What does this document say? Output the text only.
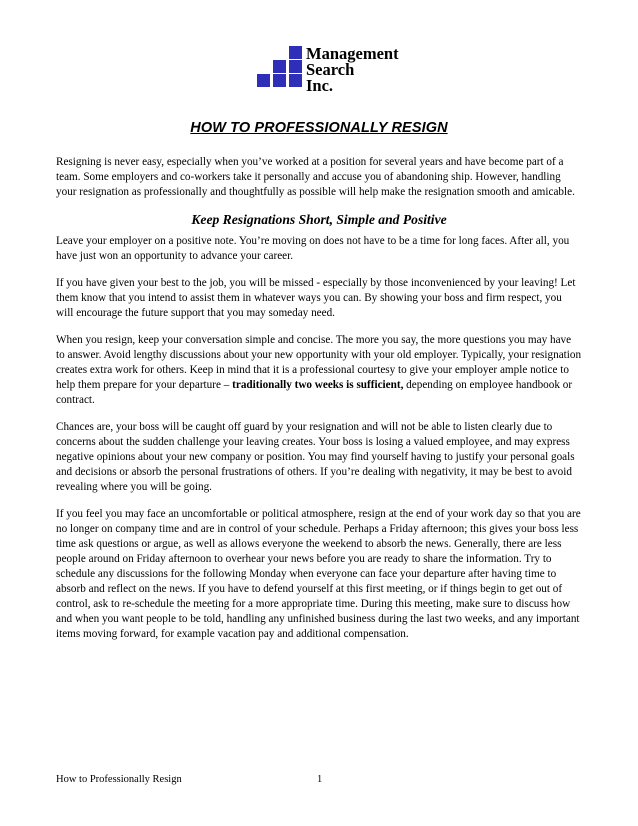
Management
Search
Inc.
HOW TO PROFESSIONALLY RESIGN

Resigning is never easy, especially when you’ve worked at a position for several years and have become part of a team. Some employers and co-workers take it personally and accuse you of abandoning ship. However, handling your resignation as professionally and thoughtfully as possible will help make the resignation smooth and amicable.

Keep Resignations Short, Simple and Positive

Leave your employer on a positive note. You’re moving on does not have to be a time for long faces. After all, you have just won an opportunity to advance your career.

If you have given your best to the job, you will be missed - especially by those inconvenienced by your leaving! Let them know that you intend to assist them in whatever ways you can. By showing your boss and firm respect, you will encourage the future support that you may someday need.

When you resign, keep your conversation simple and concise. The more you say, the more questions you may have to answer. Avoid lengthy discussions about your new opportunity with your old employer. Typically, your resignation creates extra work for others. Keep in mind that it is a professional courtesy to give your employer ample notice to help them prepare for your departure – traditionally two weeks is sufficient, depending on employee handbook or contract.

Chances are, your boss will be caught off guard by your resignation and will not be able to listen clearly due to concerns about the sudden challenge your leaving creates. Your boss is losing a valued employee, and may express negative opinions about your new company or position. You may find yourself having to justify your personal goals and decisions or absorb the personal frustrations of others. If you’re dealing with negativity, it may be best to avoid revealing where you will be going.

If you feel you may face an uncomfortable or political atmosphere, resign at the end of your work day so that you are no longer on company time and are in control of your schedule. Perhaps a Friday afternoon; this gives your boss less time ask questions or argue, as well as allows everyone the weekend to absorb the news. Generally, there are less people around on Friday afternoon to overhear your news before you are ready to share the information. Try to schedule any discussions for the following Monday when everyone can face your departure after having time to absorb and reflect on the news. If you have to defend yourself at this first meeting, or if things begin to get out of control, ask to re-schedule the meeting for a more appropriate time. During this meeting, make sure to discuss how and when you want people to be told, handling any unfinished business during the last two weeks, and any important items moving forward, for example vacation pay and additional compensation.

How to Professionally Resign	1
